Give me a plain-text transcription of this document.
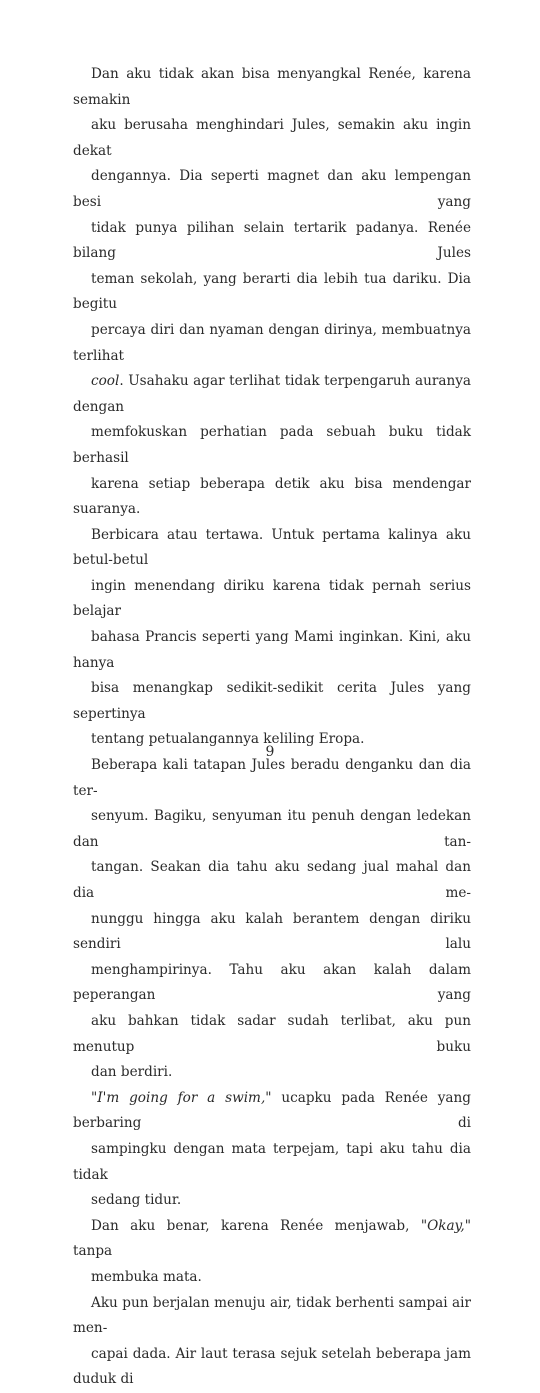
Dan aku tidak akan bisa menyangkal Renée, karena semakin
aku berusaha menghindari Jules, semakin aku ingin dekat
dengannya. Dia seperti magnet dan aku lempengan besi yang
tidak punya pilihan selain tertarik padanya. Renée bilang Jules
teman sekolah, yang berarti dia lebih tua dariku. Dia begitu
percaya diri dan nyaman dengan dirinya, membuatnya terlihat
cool. Usahaku agar terlihat tidak terpengaruh auranya dengan
memfokuskan perhatian pada sebuah buku tidak berhasil
karena setiap beberapa detik aku bisa mendengar suaranya.
Berbicara atau tertawa. Untuk pertama kalinya aku betul-betul
ingin menendang diriku karena tidak pernah serius belajar
bahasa Prancis seperti yang Mami inginkan. Kini, aku hanya
bisa menangkap sedikit-sedikit cerita Jules yang sepertinya
tentang petualangannya keliling Eropa.
Beberapa kali tatapan Jules beradu denganku dan dia ter-
senyum. Bagiku, senyuman itu penuh dengan ledekan dan tan-
tangan. Seakan dia tahu aku sedang jual mahal dan dia me-
nunggu hingga aku kalah berantem dengan diriku sendiri lalu
menghampirinya. Tahu aku akan kalah dalam peperangan yang
aku bahkan tidak sadar sudah terlibat, aku pun menutup buku
dan berdiri.
"I'm going for a swim," ucapku pada Renée yang berbaring di
sampingku dengan mata terpejam, tapi aku tahu dia tidak
sedang tidur.
Dan aku benar, karena Renée menjawab, "Okay," tanpa
membuka mata.
Aku pun berjalan menuju air, tidak berhenti sampai air men-
capai dada. Air laut terasa sejuk setelah beberapa jam duduk di
9
